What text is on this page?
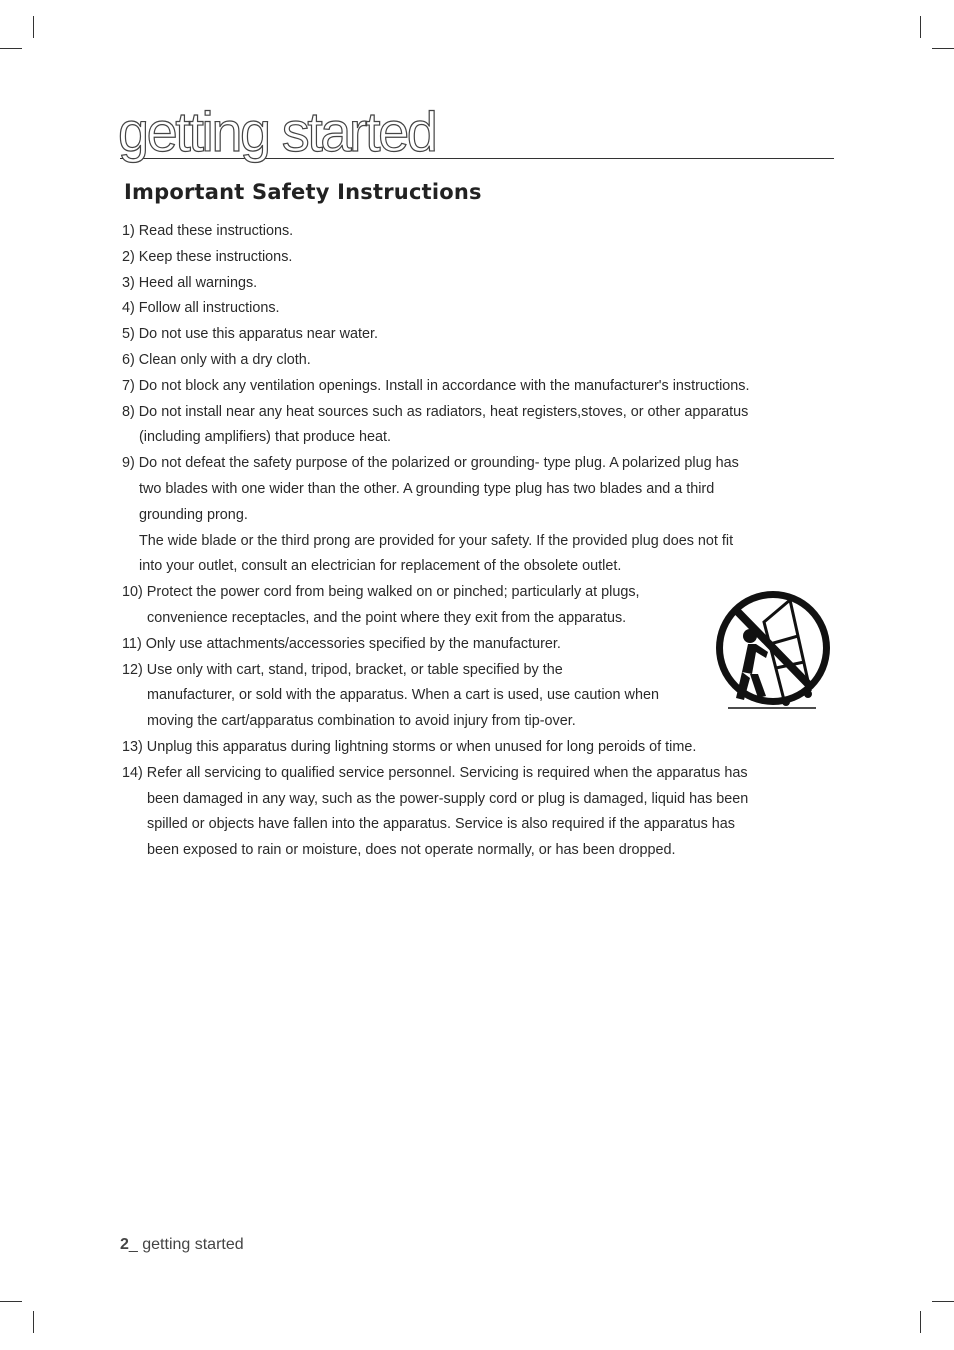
getting started
Important Safety Instructions
1) Read these instructions.
2) Keep these instructions.
3) Heed all warnings.
4) Follow all instructions.
5) Do not use this apparatus near water.
6) Clean only with a dry cloth.
7) Do not block any ventilation openings. Install in accordance with the manufacturer's instructions.
8) Do not install near any heat sources such as radiators, heat registers,stoves, or other apparatus
(including amplifiers) that produce heat.
9) Do not defeat the safety purpose of the polarized or grounding- type plug. A polarized plug has
two blades with one wider than the other. A grounding type plug has two blades and a third
grounding prong.
The wide blade or the third prong are provided for your safety. If the provided plug does not fit
into your outlet, consult an electrician for replacement of the obsolete outlet.
10) Protect the power cord from being walked on or pinched; particularly at plugs,
convenience receptacles, and the point where they exit from the apparatus.
11) Only use attachments/accessories specified by the manufacturer.
12) Use only with cart, stand, tripod, bracket, or table specified by the
manufacturer, or sold with the apparatus. When a cart is used, use caution when
moving the cart/apparatus combination to avoid injury from tip-over.
13) Unplug this apparatus during lightning storms or when unused for long peroids of time.
14) Refer all servicing to qualified service personnel. Servicing is required when the apparatus has
been damaged in any way, such as the power-supply cord or plug is damaged, liquid has been
spilled or objects have fallen into the apparatus. Service is also required if the apparatus has
been exposed to rain or moisture, does not operate normally, or has been dropped.
2_ getting started
